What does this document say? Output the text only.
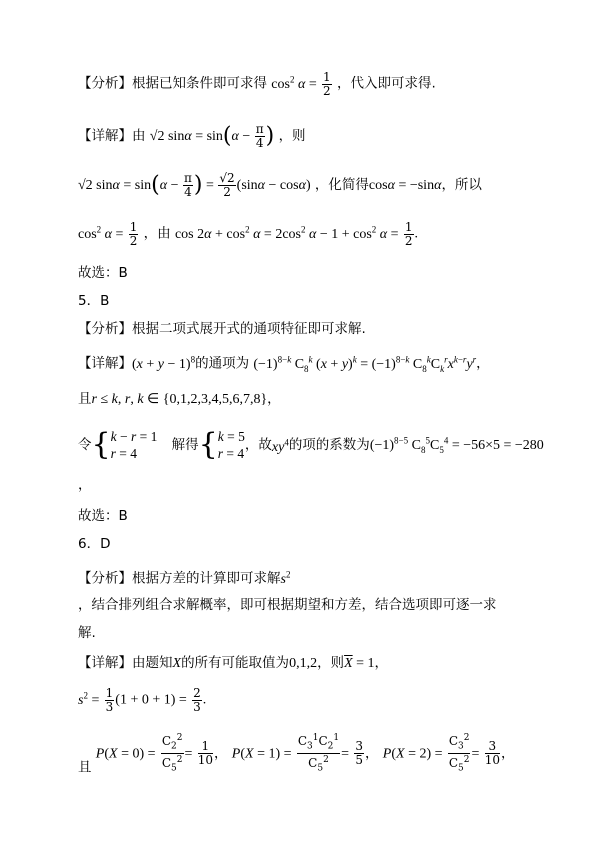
【分析】根据已知条件即可求得 $\cos^2 \alpha = \frac{1}{2}$ ，代入即可求得.
【详解】由 √2 $\sin\alpha = \sin(\alpha - \frac{\pi}{4}$ ) ，则
√2 $\sin\alpha = \sin(\alpha - \frac{\pi}{4}$ ) = $\frac{√2}{2} (\sin\alpha - \cos\alpha)$ ，化简得cosα = −sinα，所以
$\cos^2 \alpha = \frac{1}{2}$ ，由 $\cos 2\alpha + \cos^2 \alpha = 2\cos^2$ $\alpha - 1 + \cos^2 \alpha = \frac{1}{2}$ .
故选：B
5．B
【分析】根据二项式展开式的通项特征即可求解.
【详解】$(x + y - 1)^8$的通项为 $(-1)^{8-k}$ $C_8^k$ $(x + y)^k = (-1)^{8-k}$ $C_8^kC_k^rx^{k-r}y^r$，
且r ≤ k, r, k ∈ {0,1,2,3,4,5,6,7,8}，
令{ k − r = 1
r = 4
解得{ k = 5
r = 4
，故$xy^4$的项的系数为$(-1)^{8-5}$ $C_8^5C_5^4 = -56\times 5 = -280$
，
故选：B
6．D
【分析】根据方差的计算即可求解$s^2$
，结合排列组合求解概率，即可根据期望和方差，结合选项即可逐一求
解.
【详解】由题知X的所有可能取值为0,1,2，则$\overline{X} = 1$，
$s^2 = \frac{1}{3} (1 + 0 + 1) = \frac{2}{3}$ .
且 $P(X = 0) = \frac{C_2^2}{C_5^2} = \frac{1}{10}$ ， $P(X = 1) = \frac{C_3^1C_2^1}{C_5^2} = \frac{3}{5}$ ， $P(X = 2) = \frac{C_3^2}{C_5^2} = \frac{3}{10}$ ，
